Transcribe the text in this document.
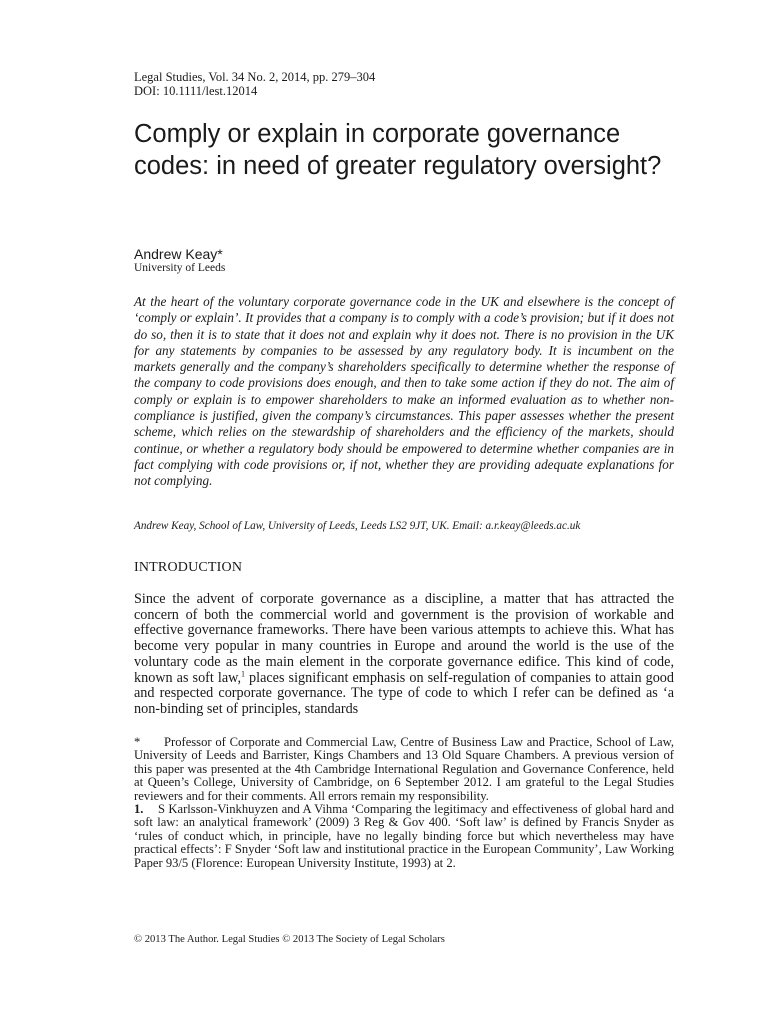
Legal Studies, Vol. 34 No. 2, 2014, pp. 279–304
DOI: 10.1111/lest.12014
Comply or explain in corporate governance codes: in need of greater regulatory oversight?
Andrew Keay*
University of Leeds

At the heart of the voluntary corporate governance code in the UK and elsewhere is the concept of ‘comply or explain’. It provides that a company is to comply with a code’s provision; but if it does not do so, then it is to state that it does not and explain why it does not. There is no provision in the UK for any statements by companies to be assessed by any regulatory body. It is incumbent on the markets generally and the company’s shareholders specifically to determine whether the response of the company to code provisions does enough, and then to take some action if they do not. The aim of comply or explain is to empower shareholders to make an informed evaluation as to whether non-compliance is justified, given the company’s circumstances. This paper assesses whether the present scheme, which relies on the stewardship of shareholders and the efficiency of the markets, should continue, or whether a regulatory body should be empowered to determine whether companies are in fact complying with code provisions or, if not, whether they are providing adequate explanations for not complying.

Andrew Keay, School of Law, University of Leeds, Leeds LS2 9JT, UK. Email: a.r.keay@leeds.ac.uk
INTRODUCTION

Since the advent of corporate governance as a discipline, a matter that has attracted the concern of both the commercial world and government is the provision of workable and effective governance frameworks. There have been various attempts to achieve this. What has become very popular in many countries in Europe and around the world is the use of the voluntary code as the main element in the corporate governance edifice. This kind of code, known as soft law,$^1$ places significant emphasis on self-regulation of companies to attain good and respected corporate governance. The type of code to which I refer can be defined as ‘a non-binding set of principles, standards

* Professor of Corporate and Commercial Law, Centre of Business Law and Practice, School of Law, University of Leeds and Barrister, Kings Chambers and 13 Old Square Chambers. A previous version of this paper was presented at the 4th Cambridge International Regulation and Governance Conference, held at Queen’s College, University of Cambridge, on 6 September 2012. I am grateful to the Legal Studies reviewers and for their comments. All errors remain my responsibility.

1. S Karlsson-Vinkhuyzen and A Vihma ‘Comparing the legitimacy and effectiveness of global hard and soft law: an analytical framework’ (2009) 3 Reg & Gov 400. ‘Soft law’ is defined by Francis Snyder as ‘rules of conduct which, in principle, have no legally binding force but which nevertheless may have practical effects’: F Snyder ‘Soft law and institutional practice in the European Community’, Law Working Paper 93/5 (Florence: European University Institute, 1993) at 2.

© 2013 The Author. Legal Studies © 2013 The Society of Legal Scholars
